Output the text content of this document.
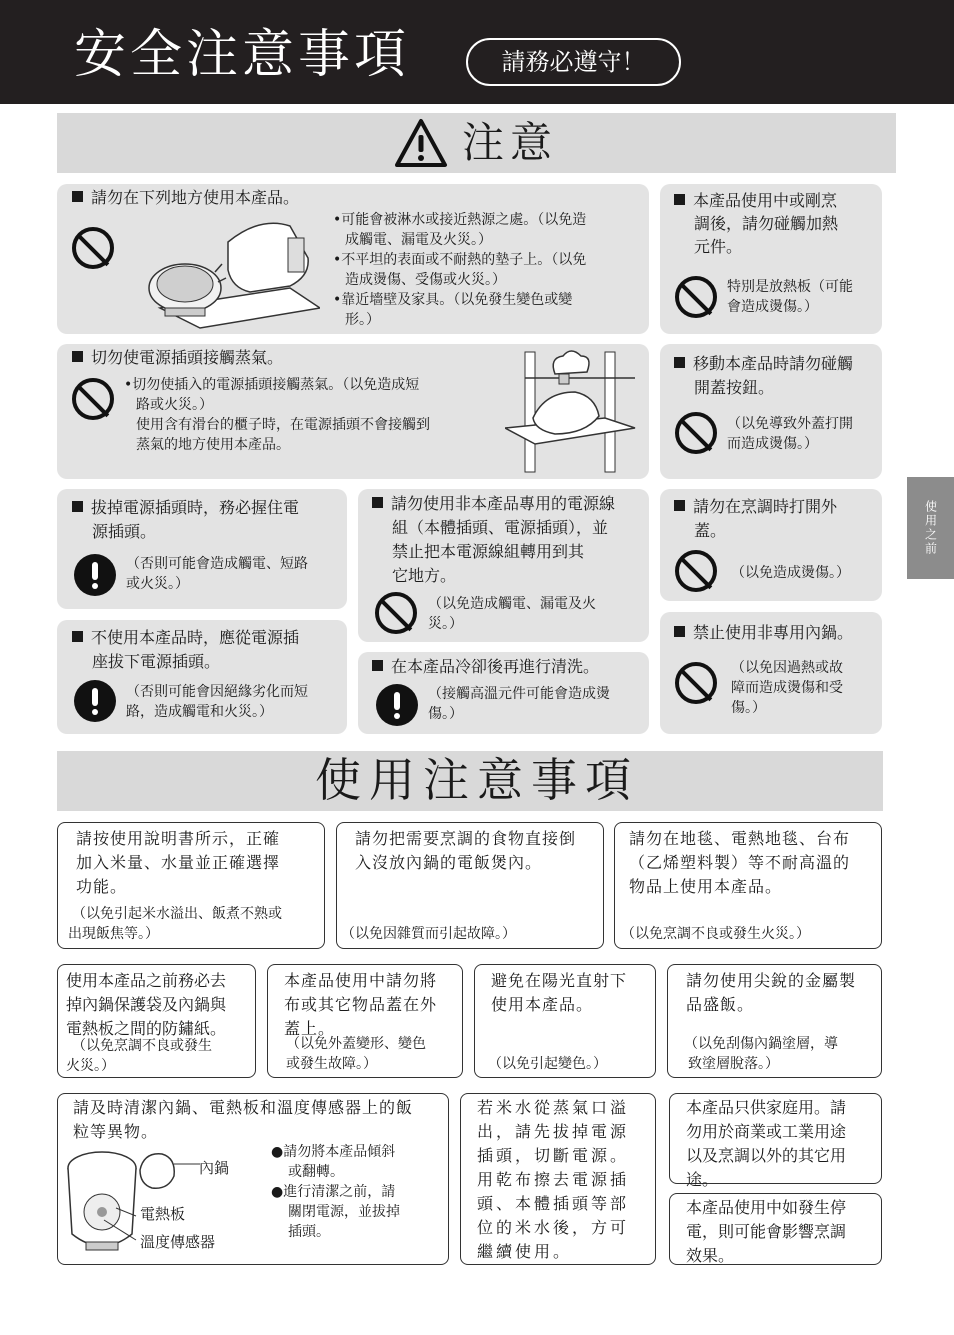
安全注意事項	請務必遵守！
注意
使用之前
請勿在下列地方使用本產品。
•可能會被淋水或接近熱源之處。（以免造
成觸電、漏電及火災。）
•不平坦的表面或不耐熱的墊子上。（以免
造成燙傷、受傷或火災。）
•靠近墻壁及家具。（以免發生變色或變
形。）
本產品使用中或剛烹
調後，請勿碰觸加熱
元件。
特別是放熱板（可能
會造成燙傷。）
切勿使電源插頭接觸蒸氣。
•切勿使插入的電源插頭接觸蒸氣。（以免造成短
路或火災。）
使用含有滑台的櫃子時，在電源插頭不會接觸到
蒸氣的地方使用本產品。
移動本產品時請勿碰觸
開蓋按鈕。
（以免導致外蓋打開
而造成燙傷。）
拔掉電源插頭時，務必握住電
源插頭。
（否則可能會造成觸電、短路
或火災。）
請勿使用非本產品專用的電源線
組（本體插頭、電源插頭），並
禁止把本電源線組轉用到其
它地方。
（以免造成觸電、漏電及火
災。）
請勿在烹調時打開外
蓋。
（以免造成燙傷。）
不使用本產品時，應從電源插
座拔下電源插頭。
（否則可能會因絕緣劣化而短
路，造成觸電和火災。）
在本產品冷卻後再進行清洗。
（接觸高溫元件可能會造成燙
傷。）
禁止使用非專用內鍋。
（以免因過熱或故
障而造成燙傷和受
傷。）
使用注意事項
請按使用說明書所示，正確
加入米量、水量並正確選擇
功能。
（以免引起米水溢出、飯煮不熟或
出現飯焦等。）
請勿把需要烹調的食物直接倒
入沒放內鍋的電飯煲內。
（以免因雜質而引起故障。）
請勿在地毯、電熱地毯、台布
（乙烯塑料製）等不耐高溫的
物品上使用本產品。
（以免烹調不良或發生火災。）
使用本產品之前務必去
掉內鍋保護袋及內鍋與
電熱板之間的防鏽紙。
（以免烹調不良或發生
火災。）
本產品使用中請勿將
布或其它物品蓋在外
蓋上。
（以免外蓋變形、變色
或發生故障。）
避免在陽光直射下
使用本產品。
（以免引起變色。）
請勿使用尖銳的金屬製
品盛飯。
（以免刮傷內鍋塗層，導
致塗層脫落。）
請及時清潔內鍋、電熱板和溫度傳感器上的飯
粒等異物。
內鍋
電熱板
溫度傳感器
●請勿將本產品傾斜
或翻轉。
●進行清潔之前，請
關閉電源，並拔掉
插頭。
若米水從蒸氣口溢
出，請先拔掉電源
插頭，切斷電源。
用乾布擦去電源插
頭、本體插頭等部
位的米水後，方可
繼續使用。
本產品只供家庭用。請
勿用於商業或工業用途
以及烹調以外的其它用
途。
本產品使用中如發生停
電，則可能會影響烹調
效果。
